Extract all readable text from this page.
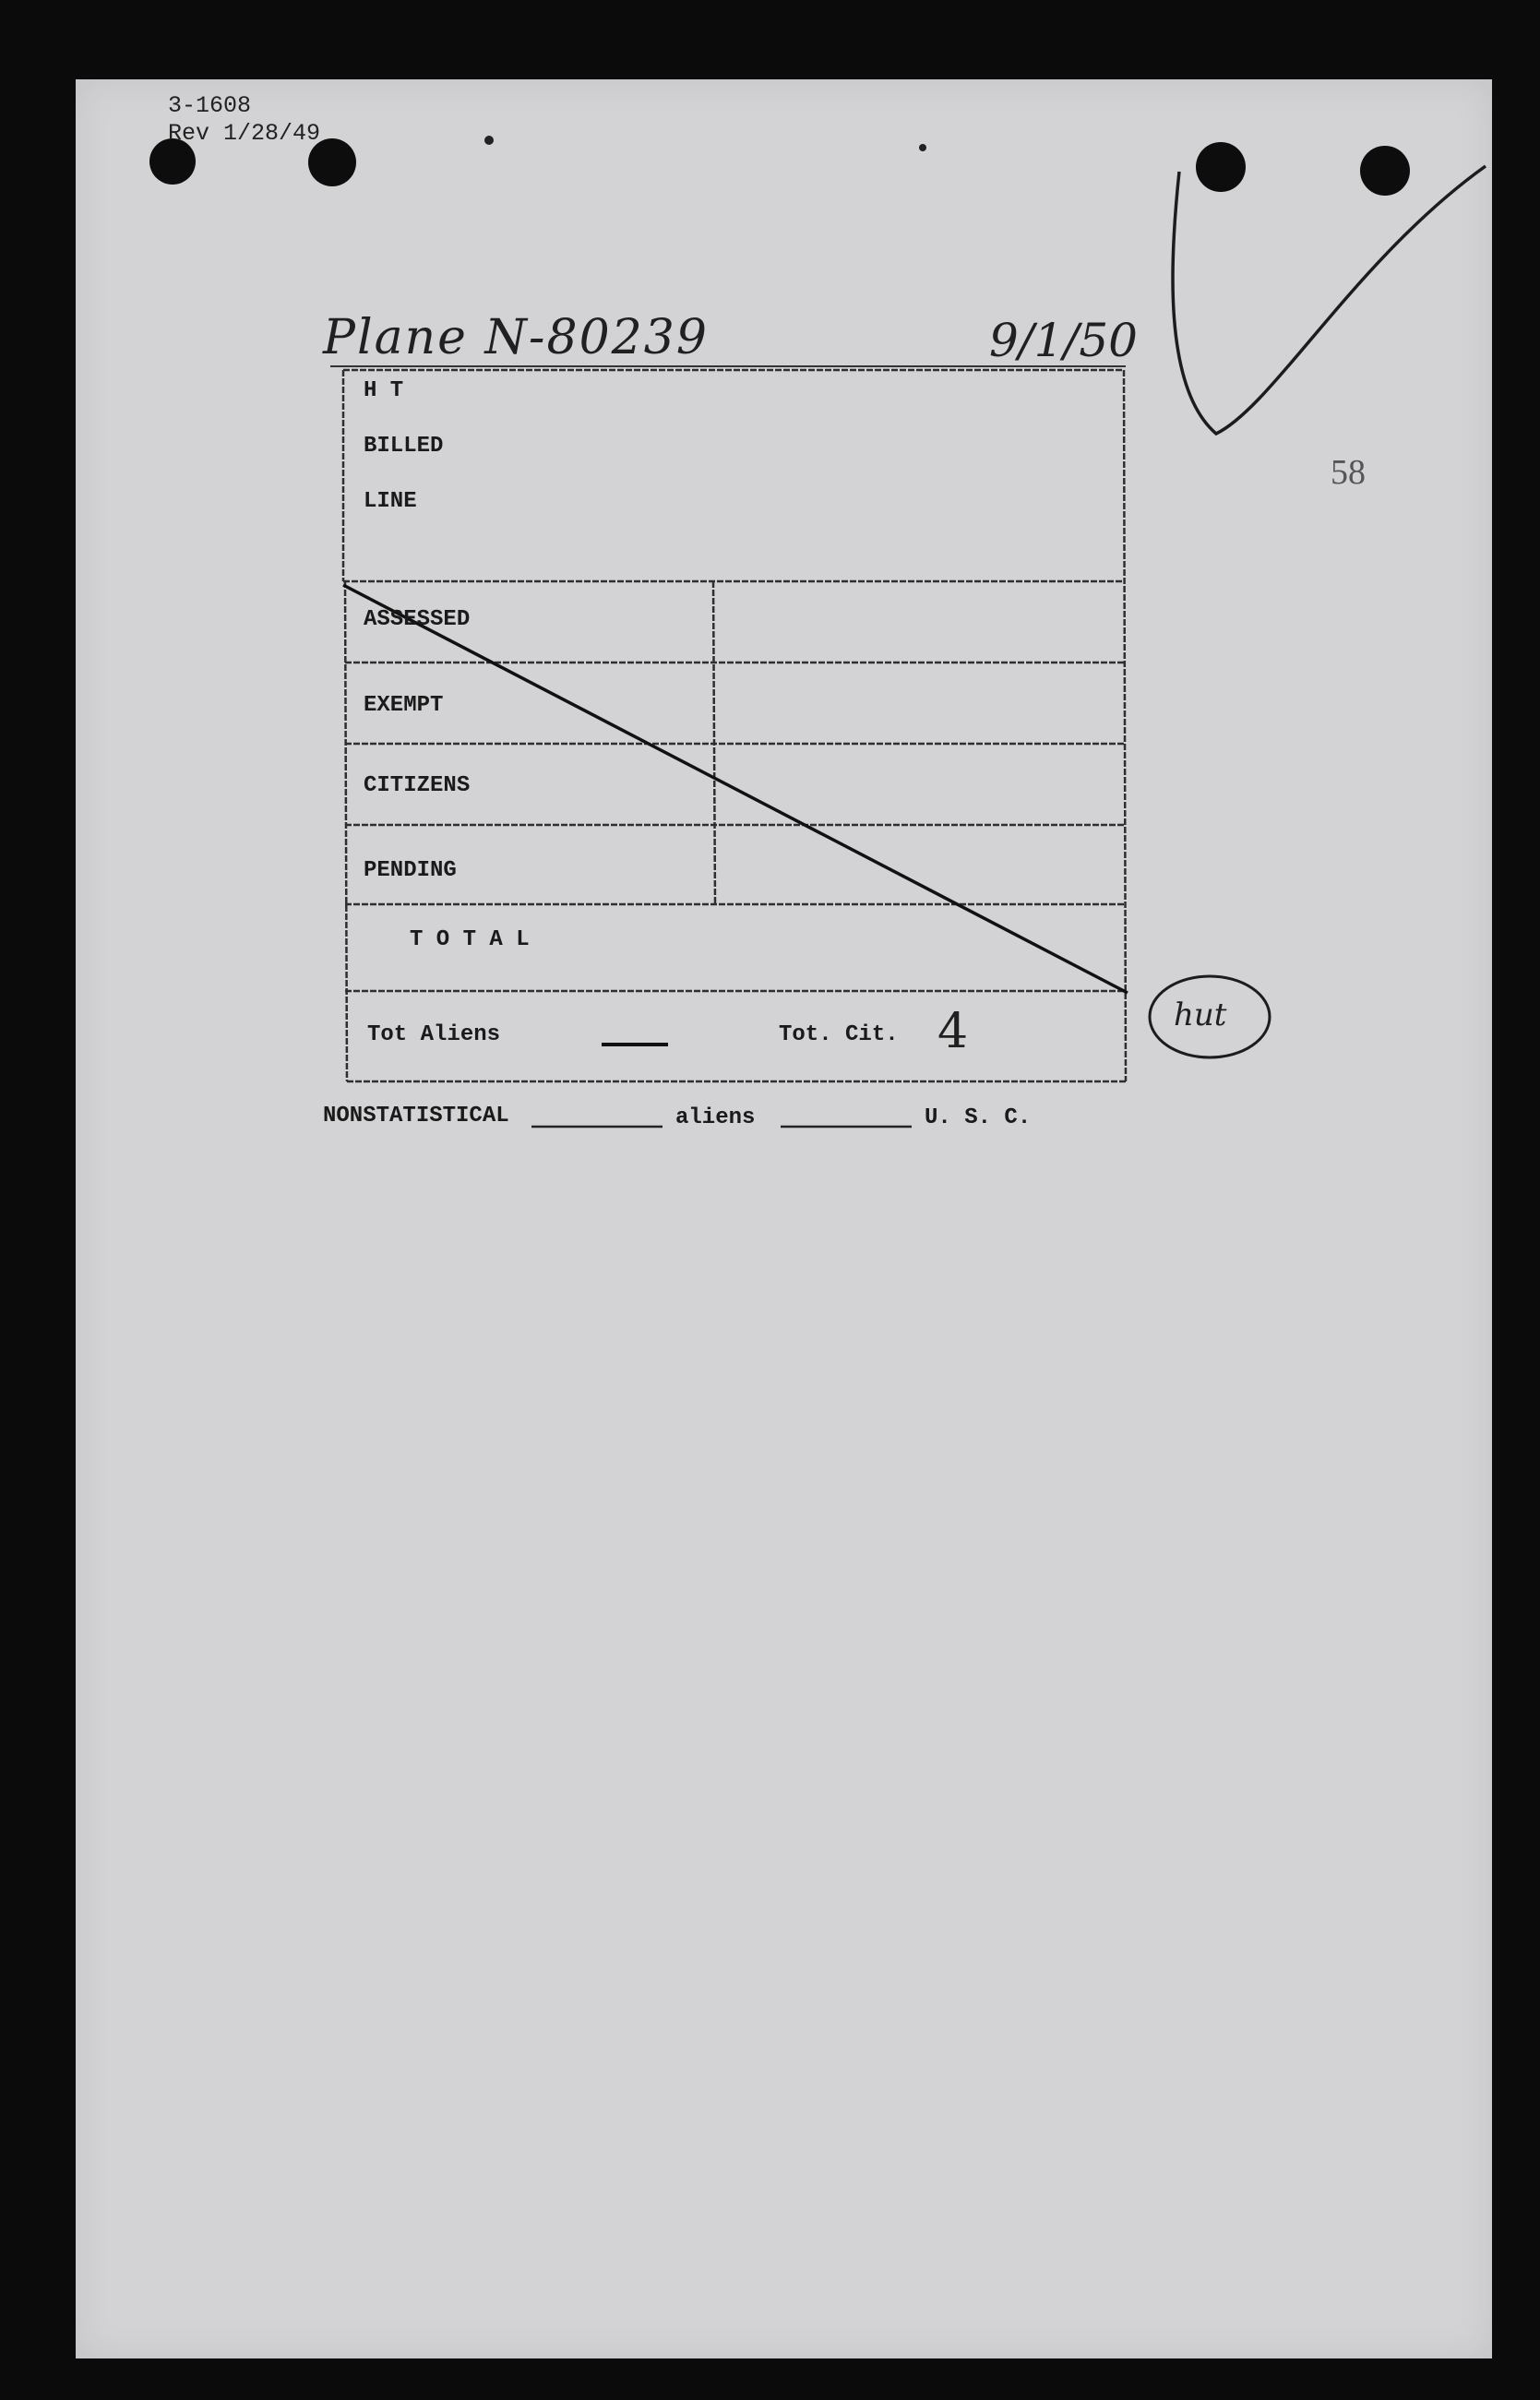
3-1608
Rev 1/28/49
Plane N-80239	9/1/50
58
H T
BILLED
LINE
ASSESSED
EXEMPT
CITIZENS
PENDING
T O T A L
Tot Aliens	Tot. Cit. 4	hut
NONSTATISTICAL	aliens	U. S. C.
